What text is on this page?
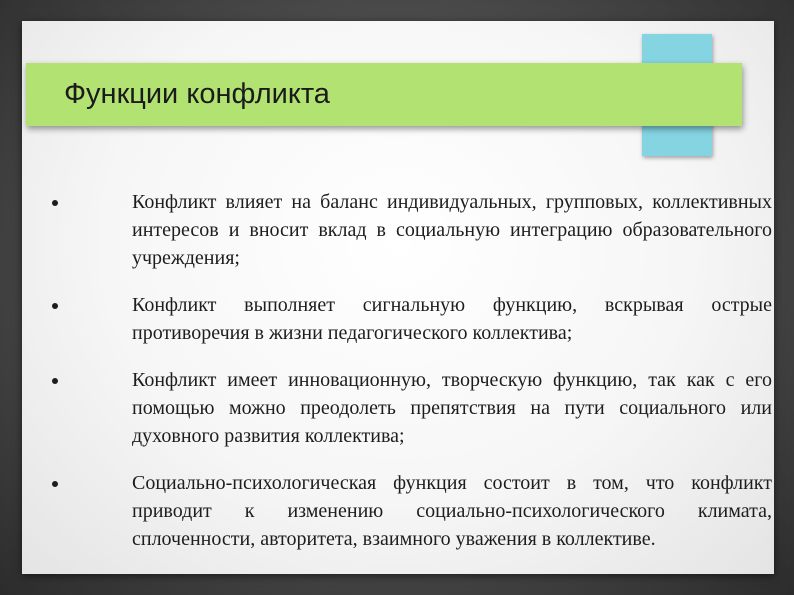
Функции конфликта
Конфликт влияет на баланс индивидуальных, групповых, коллективных интересов и вносит вклад в социальную интеграцию образовательного учреждения;
Конфликт выполняет сигнальную функцию, вскрывая острые противоречия в жизни педагогического коллектива;
Конфликт имеет инновационную, творческую функцию, так как с его помощью можно преодолеть препятствия на пути социального или духовного развития коллектива;
Социально-психологическая функция состоит в том, что конфликт приводит к изменению социально-психологического климата, сплоченности, авторитета, взаимного уважения в коллективе.
